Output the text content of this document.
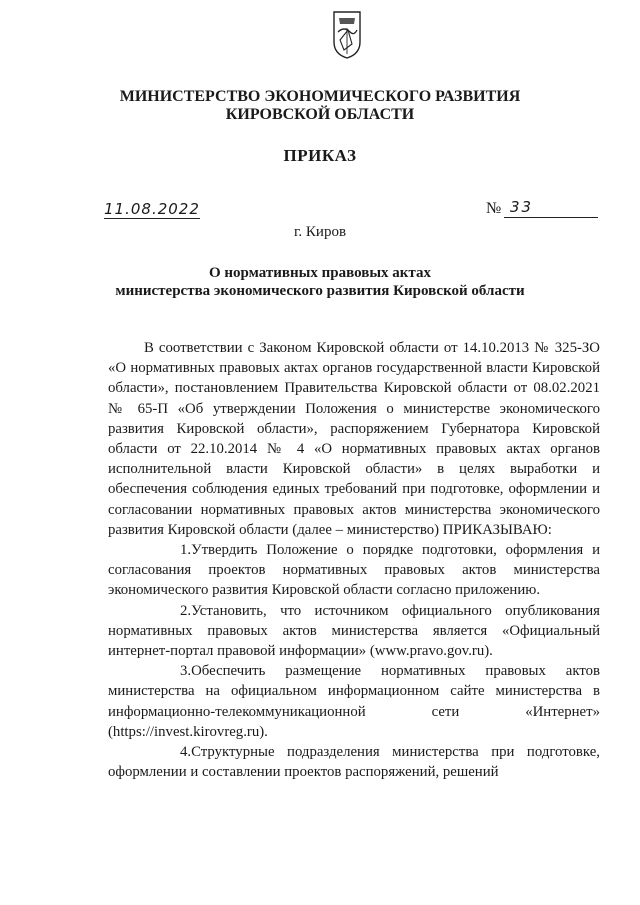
МИНИСТЕРСТВО ЭКОНОМИЧЕСКОГО РАЗВИТИЯ
КИРОВСКОЙ ОБЛАСТИ
ПРИКАЗ
11.08.2022	№ 33
г. Киров
О нормативных правовых актах
министерства экономического развития Кировской области

В соответствии с Законом Кировской области от 14.10.2013 № 325-ЗО «О нормативных правовых актах органов государственной власти Кировской области», постановлением Правительства Кировской области от 08.02.2021 № 65-П «Об утверждении Положения о министерстве экономического развития Кировской области», распоряжением Губернатора Кировской области от 22.10.2014 № 4 «О нормативных правовых актах органов исполнительной власти Кировской области» в целях выработки и обеспечения соблюдения единых требований при подготовке, оформлении и согласовании нормативных правовых актов министерства экономического развития Кировской области (далее – министерство) ПРИКАЗЫВАЮ:

1.Утвердить Положение о порядке подготовки, оформления и согласования проектов нормативных правовых актов министерства экономического развития Кировской области согласно приложению.

2.Установить, что источником официального опубликования нормативных правовых актов министерства является «Официальный интернет-портал правовой информации» (www.pravo.gov.ru).

3.Обеспечить размещение нормативных правовых актов министерства на официальном информационном сайте министерства в информационно-телекоммуникационной сети «Интернет» (https://invest.kirovreg.ru).

4.Структурные подразделения министерства при подготовке, оформлении и составлении проектов распоряжений, решений
